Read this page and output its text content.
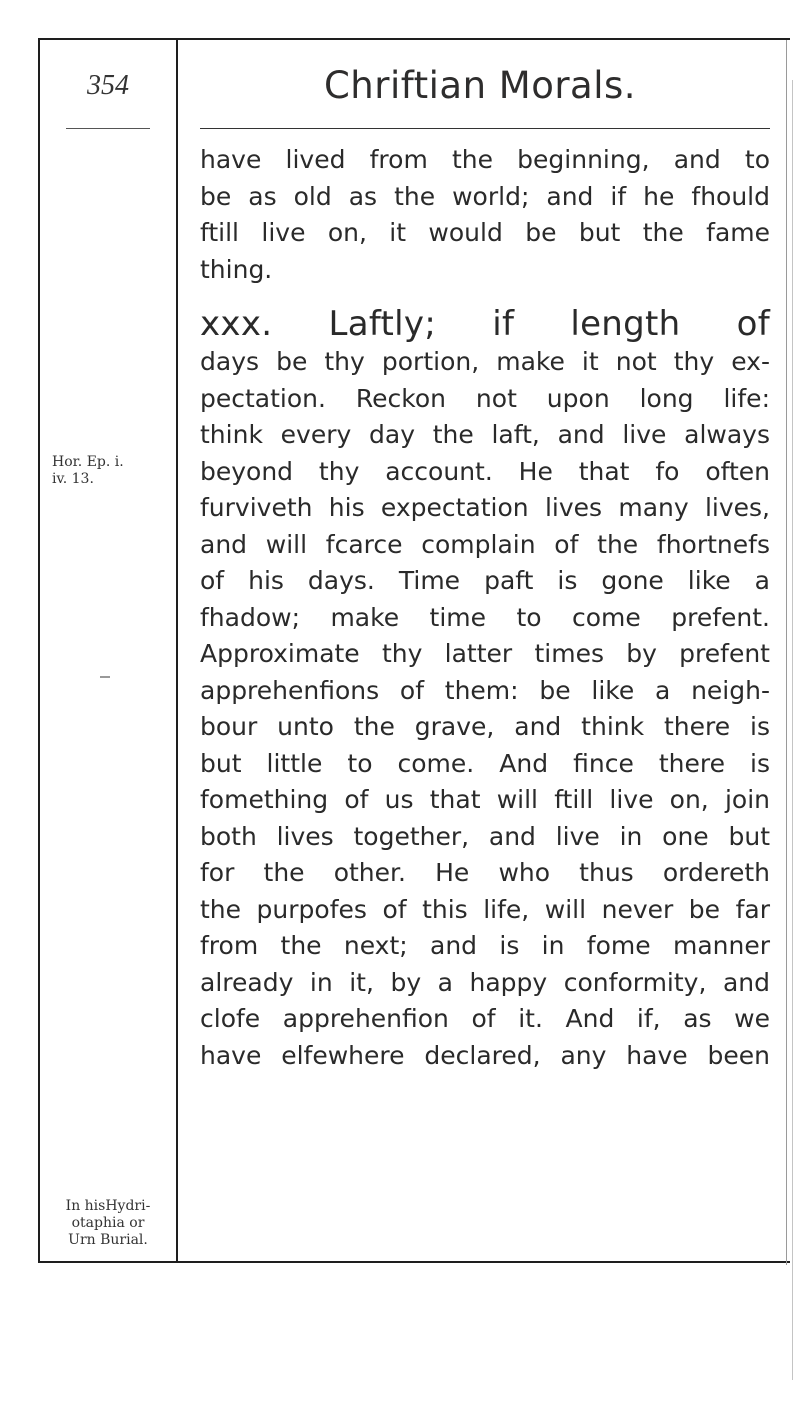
354	Chriftian Morals.
Hor. Ep. i.
iv. 13.
In hisHydri-
otaphia or
Urn Burial.
have lived from the beginning, and to
be as old as the world; and if he fhould
ftill live on, it would be but the fame
thing.
xxx. Laftly; if length of
days be thy portion, make it not thy ex-
pectation. Reckon not upon long life:
think every day the laft, and live always
beyond thy account. He that fo often
furviveth his expectation lives many lives,
and will fcarce complain of the fhortnefs
of his days. Time paft is gone like a
fhadow; make time to come prefent.
Approximate thy latter times by prefent
apprehenfions of them: be like a neigh-
bour unto the grave, and think there is
but little to come. And fince there is
fomething of us that will ftill live on, join
both lives together, and live in one but
for the other. He who thus ordereth
the purpofes of this life, will never be far
from the next; and is in fome manner
already in it, by a happy conformity, and
clofe apprehenfion of it. And if, as we
have elfewhere declared, any have been
